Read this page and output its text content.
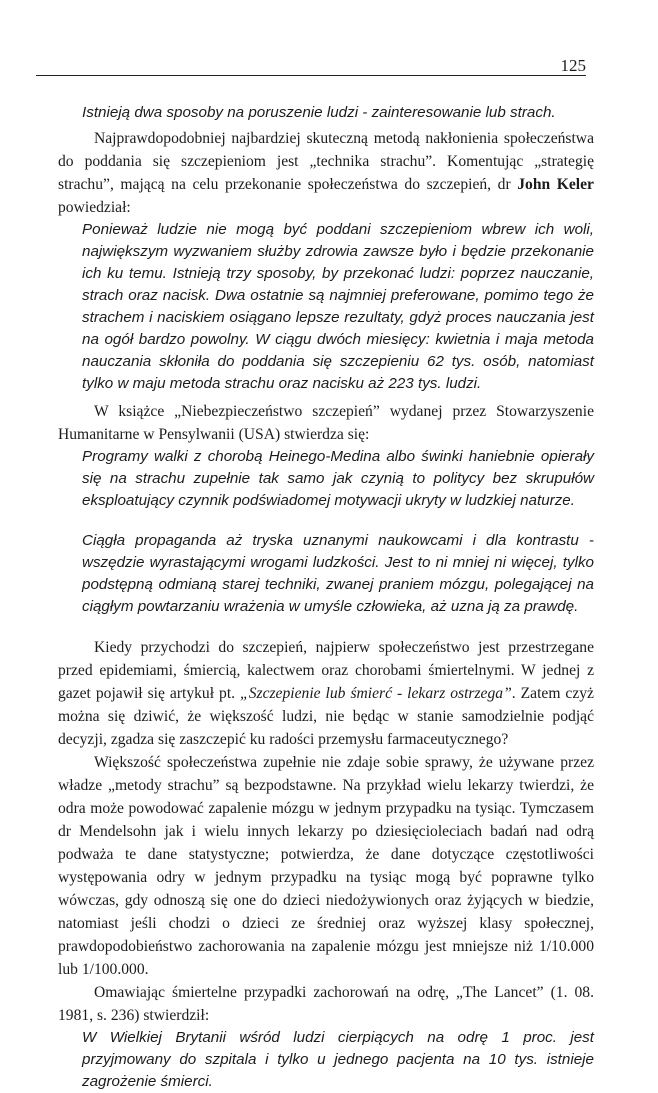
125

Istnieją dwa sposoby na poruszenie ludzi - zainteresowanie lub strach.

Najprawdopodobniej najbardziej skuteczną metodą nakłonienia społeczeństwa do poddania się szczepieniom jest „technika strachu”. Komentując „strategię strachu”, mającą na celu przekonanie społeczeństwa do szczepień, dr John Keler powiedział:

Ponieważ ludzie nie mogą być poddani szczepieniom wbrew ich woli, największym wyzwaniem służby zdrowia zawsze było i będzie przekonanie ich ku temu. Istnieją trzy sposoby, by przekonać ludzi: poprzez nauczanie, strach oraz nacisk. Dwa ostatnie są najmniej preferowane, pomimo tego że strachem i naciskiem osiągano lepsze rezultaty, gdyż proces nauczania jest na ogół bardzo powolny. W ciągu dwóch miesięcy: kwietnia i maja metoda nauczania skłoniła do poddania się szczepieniu 62 tys. osób, natomiast tylko w maju metoda strachu oraz nacisku aż 223 tys. ludzi.

W książce „Niebezpieczeństwo szczepień” wydanej przez Stowarzyszenie Humanitarne w Pensylwanii (USA) stwierdza się:

Programy walki z chorobą Heinego-Medina albo świnki haniebnie opierały się na strachu zupełnie tak samo jak czynią to politycy bez skrupułów eksploatujący czynnik podświadomej motywacji ukryty w ludzkiej naturze.

Ciągła propaganda aż tryska uznanymi naukowcami i dla kontrastu - wszędzie wyrastającymi wrogami ludzkości. Jest to ni mniej ni więcej, tylko podstępną odmianą starej techniki, zwanej praniem mózgu, polegającej na ciągłym powtarzaniu wrażenia w umyśle człowieka, aż uzna ją za prawdę.

Kiedy przychodzi do szczepień, najpierw społeczeństwo jest przestrzegane przed epidemiami, śmiercią, kalectwem oraz chorobami śmiertelnymi. W jednej z gazet pojawił się artykuł pt. „Szczepienie lub śmierć - lekarz ostrzega”. Zatem czyż można się dziwić, że większość ludzi, nie będąc w stanie samodzielnie podjąć decyzji, zgadza się zaszczepić ku radości przemysłu farmaceutycznego?

Większość społeczeństwa zupełnie nie zdaje sobie sprawy, że używane przez władze „metody strachu” są bezpodstawne. Na przykład wielu lekarzy twierdzi, że odra może powodować zapalenie mózgu w jednym przypadku na tysiąc. Tymczasem dr Mendelsohn jak i wielu innych lekarzy po dziesięcioleciach badań nad odrą podważa te dane statystyczne; potwierdza, że dane dotyczące częstotliwości występowania odry w jednym przypadku na tysiąc mogą być poprawne tylko wówczas, gdy odnoszą się one do dzieci niedożywionych oraz żyjących w biedzie, natomiast jeśli chodzi o dzieci ze średniej oraz wyższej klasy społecznej, prawdopodobieństwo zachorowania na zapalenie mózgu jest mniejsze niż 1/10.000 lub 1/100.000.

Omawiając śmiertelne przypadki zachorowań na odrę, „The Lancet” (1. 08. 1981, s. 236) stwierdził:

W Wielkiej Brytanii wśród ludzi cierpiących na odrę 1 proc. jest przyjmowany do szpitala i tylko u jednego pacjenta na 10 tys. istnieje zagrożenie śmierci.
